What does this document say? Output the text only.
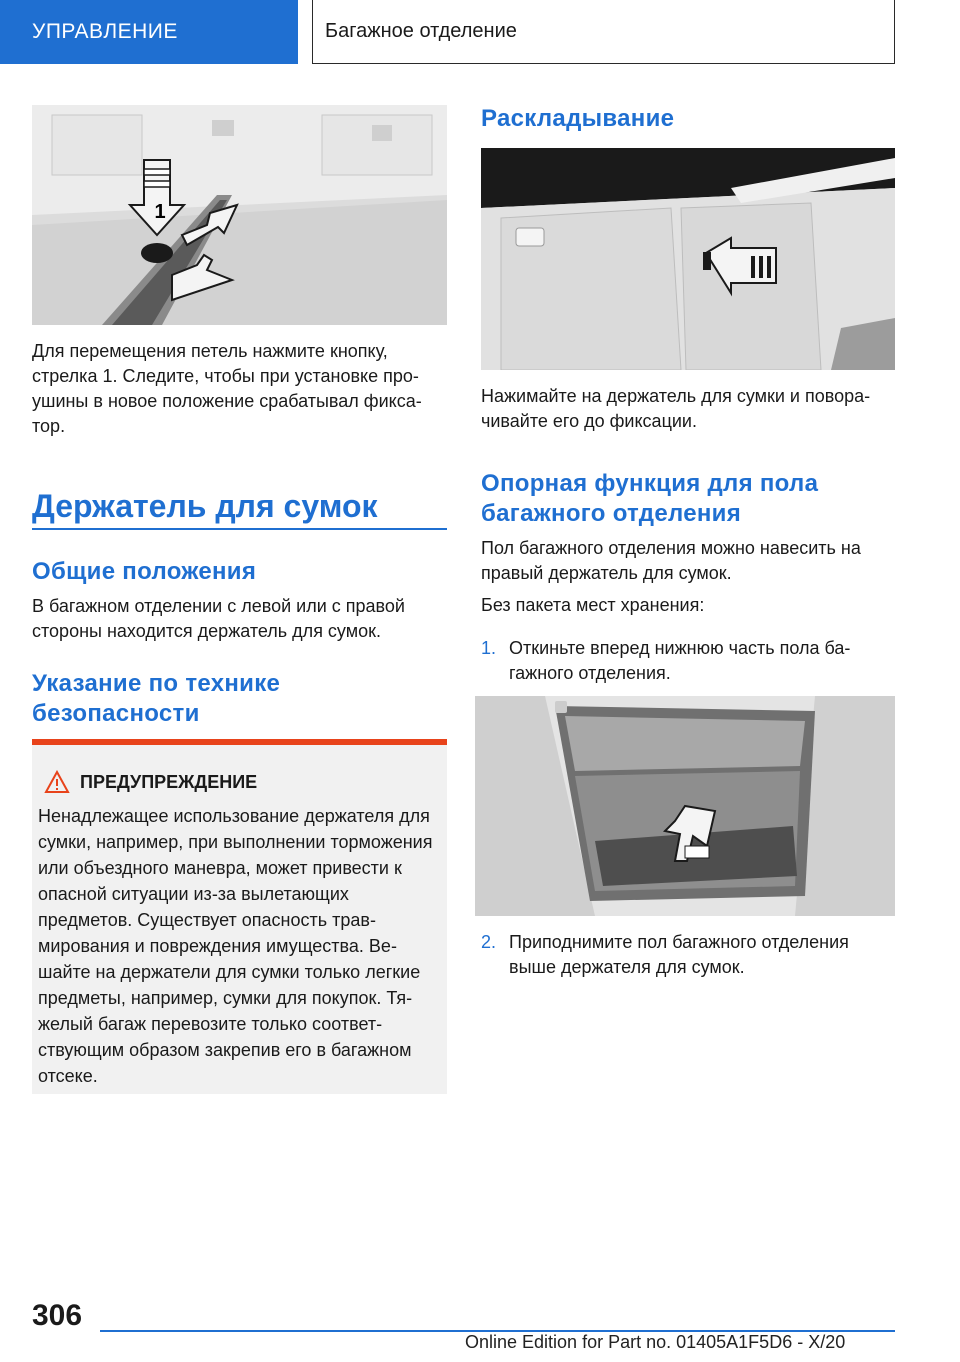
УПРАВЛЕНИЕ	Багажное отделение
1

Для перемещения петель нажмите кнопку, стрелка 1. Следите, чтобы при установке проушины в новое положение срабатывал фиксатор.

Держатель для сумок
Общие положения

В багажном отделении с левой или с правой стороны находится держатель для сумок.

Указание по технике безопасности
ПРЕДУПРЕЖДЕНИЕ

Ненадлежащее использование держателя для сумки, например, при выполнении торможения или объездного маневра, может привести к опасной ситуации из-за вылетающих предметов. Существует опасность травмирования и повреждения имущества. Вешайте на держатели для сумки только легкие предметы, например, сумки для покупок. Тяжелый багаж перевозите только соответствующим образом закрепив его в багажном отсеке.

Раскладывание

Нажимайте на держатель для сумки и поворачивайте его до фиксации.

Опорная функция для пола багажного отделения

Пол багажного отделения можно навесить на правый держатель для сумок.

Без пакета мест хранения:

1. Откиньте вперед нижнюю часть пола багажного отделения.

2. Приподнимите пол багажного отделения выше держателя для сумок.

306
Online Edition for Part no. 01405A1F5D6 - X/20
